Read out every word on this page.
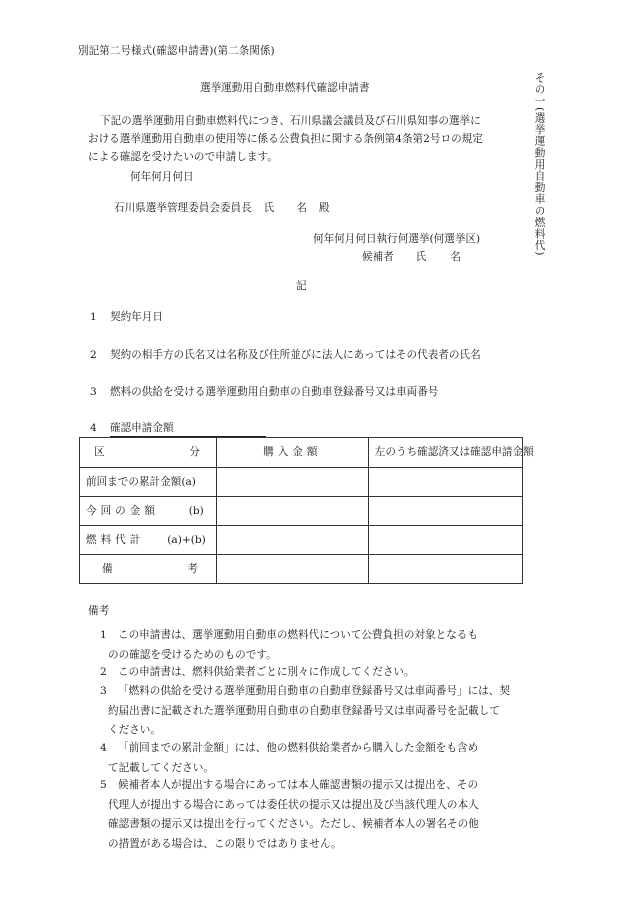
別記第二号様式(確認申請書)(第二条関係)
選挙運動用自動車燃料代確認申請書	その一(選挙運動用自動車の燃料代)
下記の選挙運動用自動車燃料代につき、石川県議会議員及び石川県知事の選挙に
おける選挙運動用自動車の使用等に係る公費負担に関する条例第4条第2号ロの規定
による確認を受けたいので申請します。
何年何月何日
石川県選挙管理委員会委員長 氏 名 殿
何年何月何日執行何選挙(何選挙区)
候補者 氏 名
記
1 契約年月日
2 契約の相手方の氏名又は名称及び住所並びに法人にあってはその代表者の氏名
3 燃料の供給を受ける選挙運動用自動車の自動車登録番号又は車両番号
4 確認申請金額
区 分	購入金額	左のうち確認済又は確認申請金額
前回までの累計金額(a)		

今回の金額 (b)		

燃料代計 (a)+(b)		

備 考		

備考
1 この申請書は、選挙運動用自動車の燃料代について公費負担の対象となるも
のの確認を受けるためのものです。
2 この申請書は、燃料供給業者ごとに別々に作成してください。
3 「燃料の供給を受ける選挙運動用自動車の自動車登録番号又は車両番号」には、契
約届出書に記載された選挙運動用自動車の自動車登録番号又は車両番号を記載して
ください。
4 「前回までの累計金額」には、他の燃料供給業者から購入した金額をも含め
て記載してください。
5 候補者本人が提出する場合にあっては本人確認書類の提示又は提出を、その
代理人が提出する場合にあっては委任状の提示又は提出及び当該代理人の本人
確認書類の提示又は提出を行ってください。ただし、候補者本人の署名その他
の措置がある場合は、この限りではありません。
